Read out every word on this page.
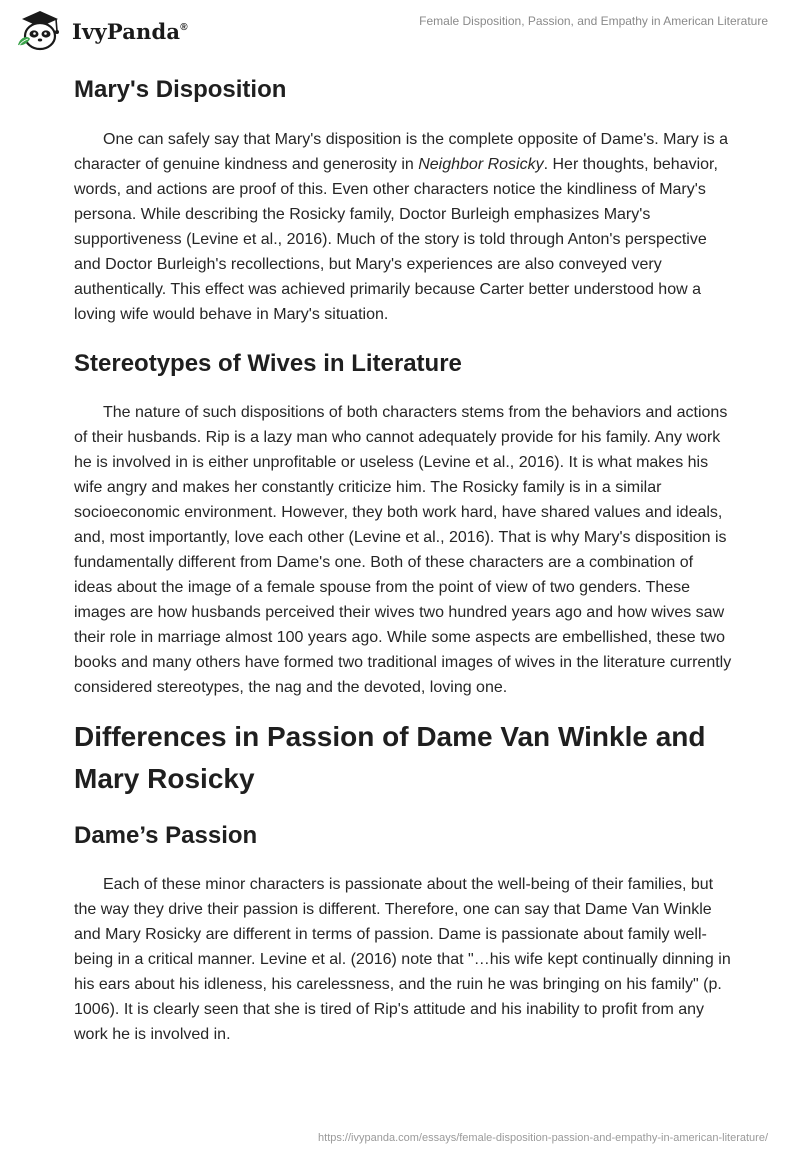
IvyPanda®	Female Disposition, Passion, and Empathy in American Literature
Mary's Disposition

One can safely say that Mary's disposition is the complete opposite of Dame's. Mary is a character of genuine kindness and generosity in Neighbor Rosicky. Her thoughts, behavior, words, and actions are proof of this. Even other characters notice the kindliness of Mary's persona. While describing the Rosicky family, Doctor Burleigh emphasizes Mary's supportiveness (Levine et al., 2016). Much of the story is told through Anton's perspective and Doctor Burleigh's recollections, but Mary's experiences are also conveyed very authentically. This effect was achieved primarily because Carter better understood how a loving wife would behave in Mary's situation.

Stereotypes of Wives in Literature

The nature of such dispositions of both characters stems from the behaviors and actions of their husbands. Rip is a lazy man who cannot adequately provide for his family. Any work he is involved in is either unprofitable or useless (Levine et al., 2016). It is what makes his wife angry and makes her constantly criticize him. The Rosicky family is in a similar socioeconomic environment. However, they both work hard, have shared values and ideals, and, most importantly, love each other (Levine et al., 2016). That is why Mary's disposition is fundamentally different from Dame's one. Both of these characters are a combination of ideas about the image of a female spouse from the point of view of two genders. These images are how husbands perceived their wives two hundred years ago and how wives saw their role in marriage almost 100 years ago. While some aspects are embellished, these two books and many others have formed two traditional images of wives in the literature currently considered stereotypes, the nag and the devoted, loving one.

Differences in Passion of Dame Van Winkle and Mary Rosicky
Dame’s Passion

Each of these minor characters is passionate about the well-being of their families, but the way they drive their passion is different. Therefore, one can say that Dame Van Winkle and Mary Rosicky are different in terms of passion. Dame is passionate about family well-being in a critical manner. Levine et al. (2016) note that "…his wife kept continually dinning in his ears about his idleness, his carelessness, and the ruin he was bringing on his family" (p. 1006). It is clearly seen that she is tired of Rip's attitude and his inability to profit from any work he is involved in.

https://ivypanda.com/essays/female-disposition-passion-and-empathy-in-american-literature/
